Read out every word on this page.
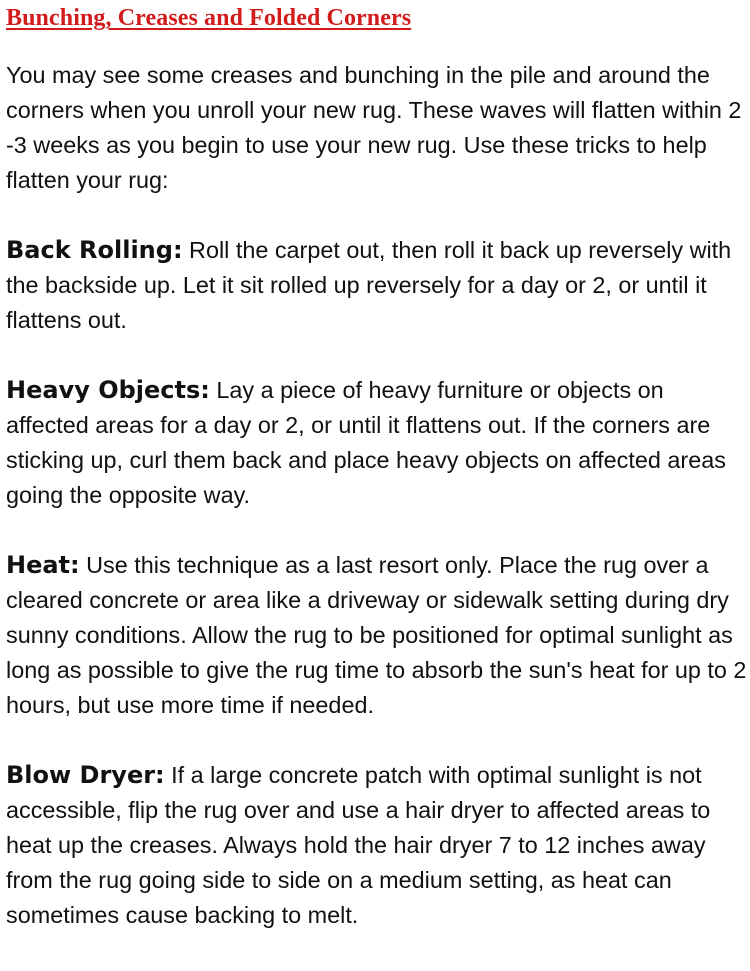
Bunching, Creases and Folded Corners

You may see some creases and bunching in the pile and around the corners when you unroll your new rug. These waves will flatten within 2 -3 weeks as you begin to use your new rug. Use these tricks to help flatten your rug:

Back Rolling: Roll the carpet out, then roll it back up reversely with the backside up. Let it sit rolled up reversely for a day or 2, or until it flattens out.

Heavy Objects: Lay a piece of heavy furniture or objects on affected areas for a day or 2, or until it flattens out. If the corners are sticking up, curl them back and place heavy objects on affected areas going the opposite way.

Heat: Use this technique as a last resort only. Place the rug over a cleared concrete or area like a driveway or sidewalk setting during dry sunny conditions. Allow the rug to be positioned for optimal sunlight as long as possible to give the rug time to absorb the sun's heat for up to 2 hours, but use more time if needed.

Blow Dryer: If a large concrete patch with optimal sunlight is not accessible, flip the rug over and use a hair dryer to affected areas to heat up the creases. Always hold the hair dryer 7 to 12 inches away from the rug going side to side on a medium setting, as heat can sometimes cause backing to melt.
